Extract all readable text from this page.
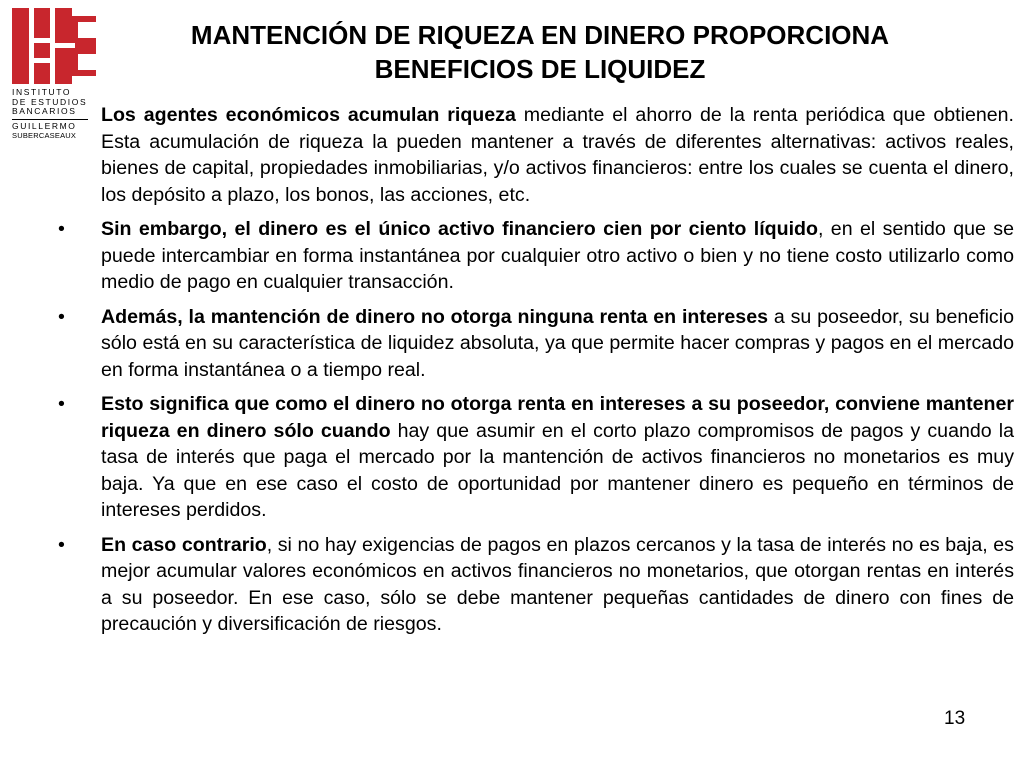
INSTITUTO
DE ESTUDIOS
BANCARIOS
GUILLERMO
SUBERCASEAUX
MANTENCIÓN DE RIQUEZA EN DINERO PROPORCIONA
BENEFICIOS DE LIQUIDEZ

Los agentes económicos acumulan riqueza mediante el ahorro de la renta periódica que obtienen. Esta acumulación de riqueza la pueden mantener a través de diferentes alternativas: activos reales, bienes de capital, propiedades inmobiliarias, y/o activos financieros: entre los cuales se cuenta el dinero, los depósito a plazo, los bonos, las acciones, etc.

• Sin embargo, el dinero es el único activo financiero cien por ciento líquido, en el sentido que se puede intercambiar en forma instantánea por cualquier otro activo o bien y no tiene costo utilizarlo como medio de pago en cualquier transacción.

• Además, la mantención de dinero no otorga ninguna renta en intereses a su poseedor, su beneficio sólo está en su característica de liquidez absoluta, ya que permite hacer compras y pagos en el mercado en forma instantánea o a tiempo real.

• Esto significa que como el dinero no otorga renta en intereses a su poseedor, conviene mantener riqueza en dinero sólo cuando hay que asumir en el corto plazo compromisos de pagos y cuando la tasa de interés que paga el mercado por la mantención de activos financieros no monetarios es muy baja. Ya que en ese caso el costo de oportunidad por mantener dinero es pequeño en términos de intereses perdidos.

• En caso contrario, si no hay exigencias de pagos en plazos cercanos y la tasa de interés no es baja, es mejor acumular valores económicos en activos financieros no monetarios, que otorgan rentas en interés a su poseedor. En ese caso, sólo se debe mantener pequeñas cantidades de dinero con fines de precaución y diversificación de riesgos.

13
